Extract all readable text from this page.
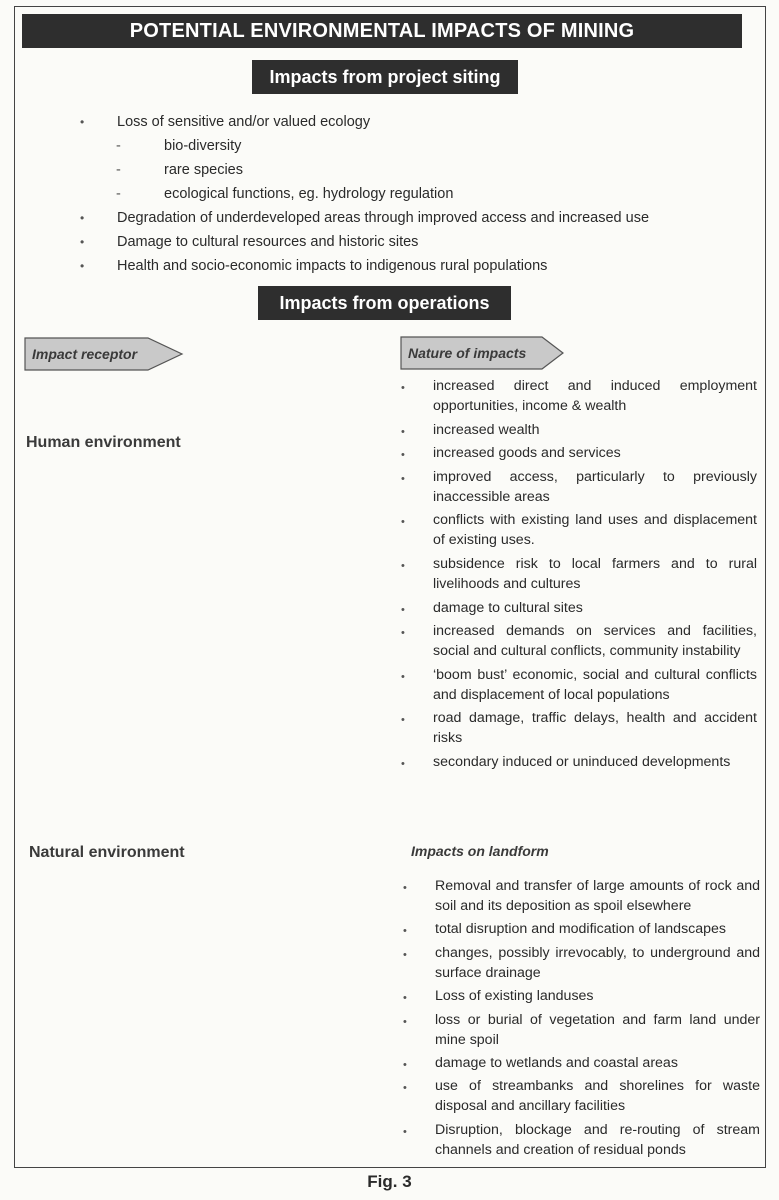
POTENTIAL ENVIRONMENTAL IMPACTS OF MINING
Impacts from project siting
• Loss of sensitive and/or valued ecology
-	bio-diversity
-	rare species
-	ecological functions, eg. hydrology regulation
• Degradation of underdeveloped areas through improved access and increased use
• Damage to cultural resources and historic sites
• Health and socio-economic impacts to indigenous rural populations
Impacts from operations
Impact receptor	Nature of impacts
Human environment
• increased direct and induced employment opportunities, income & wealth
• increased wealth
• increased goods and services
• improved access, particularly to previously inaccessible areas
• conflicts with existing land uses and displacement of existing uses.
• subsidence risk to local farmers and to rural livelihoods and cultures
• damage to cultural sites
• increased demands on services and facilities, social and cultural conflicts, community instability
• ‘boom bust’ economic, social and cultural conflicts and displacement of local populations
• road damage, traffic delays, health and accident risks
• secondary induced or uninduced developments
Natural environment	Impacts on landform
• Removal and transfer of large amounts of rock and soil and its deposition as spoil elsewhere
• total disruption and modification of landscapes
• changes, possibly irrevocably, to underground and surface drainage
• Loss of existing landuses
• loss or burial of vegetation and farm land under mine spoil
• damage to wetlands and coastal areas
• use of streambanks and shorelines for waste disposal and ancillary facilities
• Disruption, blockage and re-routing of stream channels and creation of residual ponds
Fig. 3
